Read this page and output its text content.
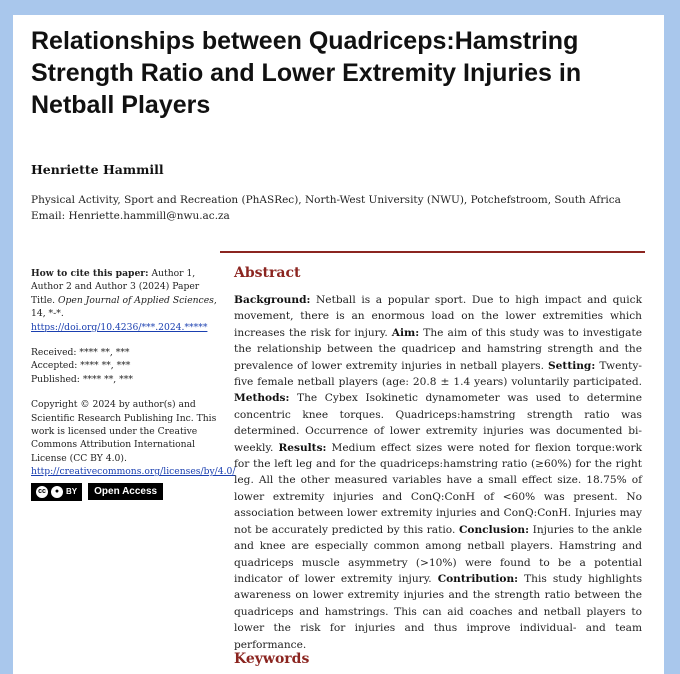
Relationships between Quadriceps:Hamstring Strength Ratio and Lower Extremity Injuries in Netball Players
Henriette Hammill
Physical Activity, Sport and Recreation (PhASRec), North-West University (NWU), Potchefstroom, South Africa
Email: Henriette.hammill@nwu.ac.za

How to cite this paper: Author 1, Author 2 and Author 3 (2024) Paper Title. Open Journal of Applied Sciences, 14, *-*.

https://doi.org/10.4236/***.2024.*****

Received: **** **, ***

Accepted: **** **, ***

Published: **** **, ***

Copyright © 2024 by author(s) and Scientific Research Publishing Inc. This work is licensed under the Creative Commons Attribution International License (CC BY 4.0).

http://creativecommons.org/licenses/by/4.0/

cc	● BY	Open Access
Abstract
Background: Netball is a popular sport. Due to high impact and quick movement, there is an enormous load on the lower extremities which increases the risk for injury. Aim: The aim of this study was to investigate the relationship between the quadricep and hamstring strength and the prevalence of lower extremity injuries in netball players. Setting: Twenty-five female netball players (age: 20.8 ± 1.4 years) voluntarily participated. Methods: The Cybex Isokinetic dynamometer was used to determine concentric knee torques. Quadriceps:hamstring strength ratio was determined. Occurrence of lower extremity injuries was documented bi-weekly. Results: Medium effect sizes were noted for flexion torque:work for the left leg and for the quadriceps:hamstring ratio (≥60%) for the right leg. All the other measured variables have a small effect size. 18.75% of lower extremity injuries and ConQ:ConH of <60% was present. No association between lower extremity injuries and ConQ:ConH. Injuries may not be accurately predicted by this ratio. Conclusion: Injuries to the ankle and knee are especially common among netball players. Hamstring and quadriceps muscle asymmetry (>10%) were found to be a potential indicator of lower extremity injury. Contribution: This study highlights awareness on lower extremity injuries and the strength ratio between the quadriceps and hamstrings. This can aid coaches and netball players to lower the risk for injuries and thus improve individual- and team performance.
Keywords
